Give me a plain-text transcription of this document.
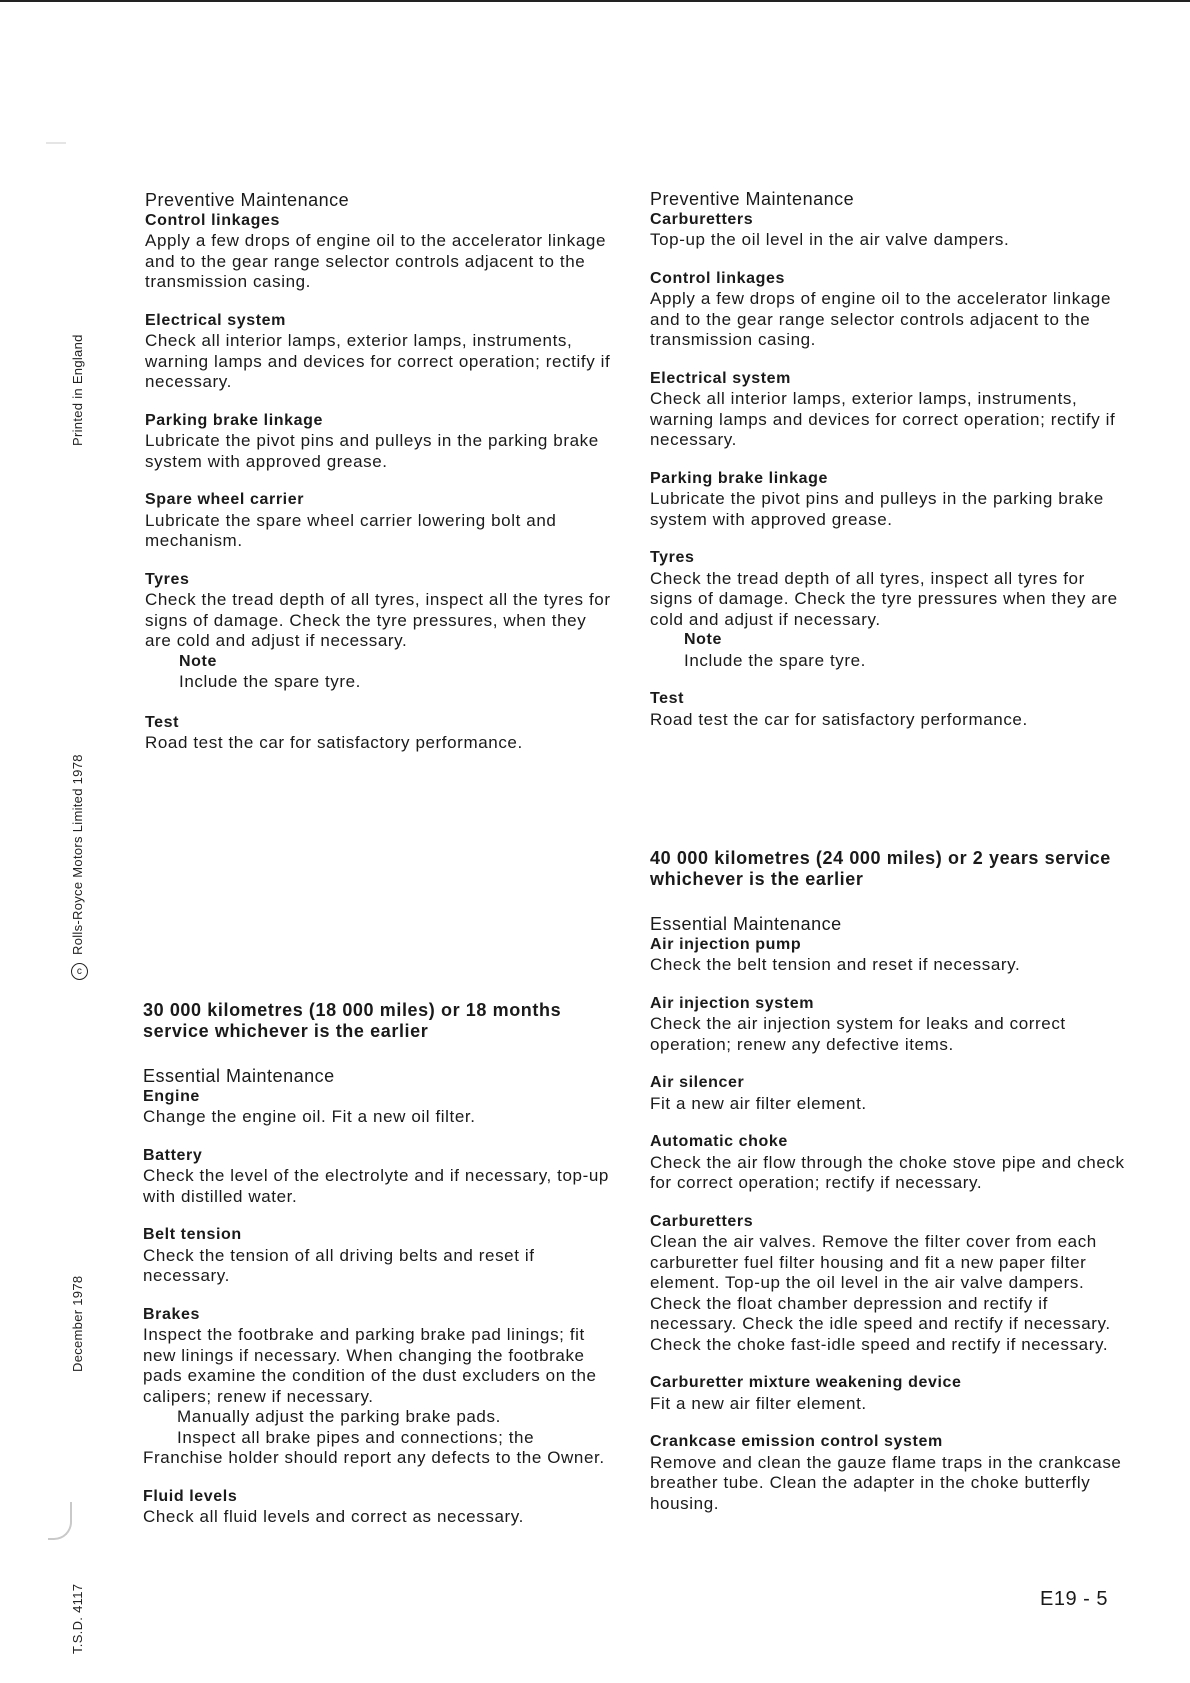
Printed in England
cRolls-Royce Motors Limited 1978
December 1978
T.S.D. 4117

Preventive Maintenance

Control linkages

Apply a few drops of engine oil to the accelerator linkage and to the gear range selector controls adjacent to the transmission casing.

Electrical system

Check all interior lamps, exterior lamps, instruments, warning lamps and devices for correct operation; rectify if necessary.

Parking brake linkage

Lubricate the pivot pins and pulleys in the parking brake system with approved grease.

Spare wheel carrier

Lubricate the spare wheel carrier lowering bolt and mechanism.

Tyres

Check the tread depth of all tyres, inspect all the tyres for signs of damage. Check the tyre pressures, when they are cold and adjust if necessary.

Note

Include the spare tyre.

Test

Road test the car for satisfactory performance.

Preventive Maintenance

Carburetters

Top-up the oil level in the air valve dampers.

Control linkages

Apply a few drops of engine oil to the accelerator linkage and to the gear range selector controls adjacent to the transmission casing.

Electrical system

Check all interior lamps, exterior lamps, instruments, warning lamps and devices for correct operation; rectify if necessary.

Parking brake linkage

Lubricate the pivot pins and pulleys in the parking brake system with approved grease.

Tyres

Check the tread depth of all tyres, inspect all tyres for signs of damage. Check the tyre pressures when they are cold and adjust if necessary.

Note

Include the spare tyre.

Test

Road test the car for satisfactory performance.

30 000 kilometres (18 000 miles) or 18 months service whichever is the earlier

Essential Maintenance

Engine

Change the engine oil. Fit a new oil filter.

Battery

Check the level of the electrolyte and if necessary, top-up with distilled water.

Belt tension

Check the tension of all driving belts and reset if necessary.

Brakes

Inspect the footbrake and parking brake pad linings; fit new linings if necessary. When changing the footbrake pads examine the condition of the dust excluders on the calipers; renew if necessary.

Manually adjust the parking brake pads.

Inspect all brake pipes and connections; the Franchise holder should report any defects to the Owner.

Fluid levels

Check all fluid levels and correct as necessary.

40 000 kilometres (24 000 miles) or 2 years service whichever is the earlier

Essential Maintenance

Air injection pump

Check the belt tension and reset if necessary.

Air injection system

Check the air injection system for leaks and correct operation; renew any defective items.

Air silencer

Fit a new air filter element.

Automatic choke

Check the air flow through the choke stove pipe and check for correct operation; rectify if necessary.

Carburetters

Clean the air valves. Remove the filter cover from each carburetter fuel filter housing and fit a new paper filter element. Top-up the oil level in the air valve dampers. Check the float chamber depression and rectify if necessary. Check the idle speed and rectify if necessary. Check the choke fast-idle speed and rectify if necessary.

Carburetter mixture weakening device

Fit a new air filter element.

Crankcase emission control system

Remove and clean the gauze flame traps in the crankcase breather tube. Clean the adapter in the choke butterfly housing.

E19 - 5
